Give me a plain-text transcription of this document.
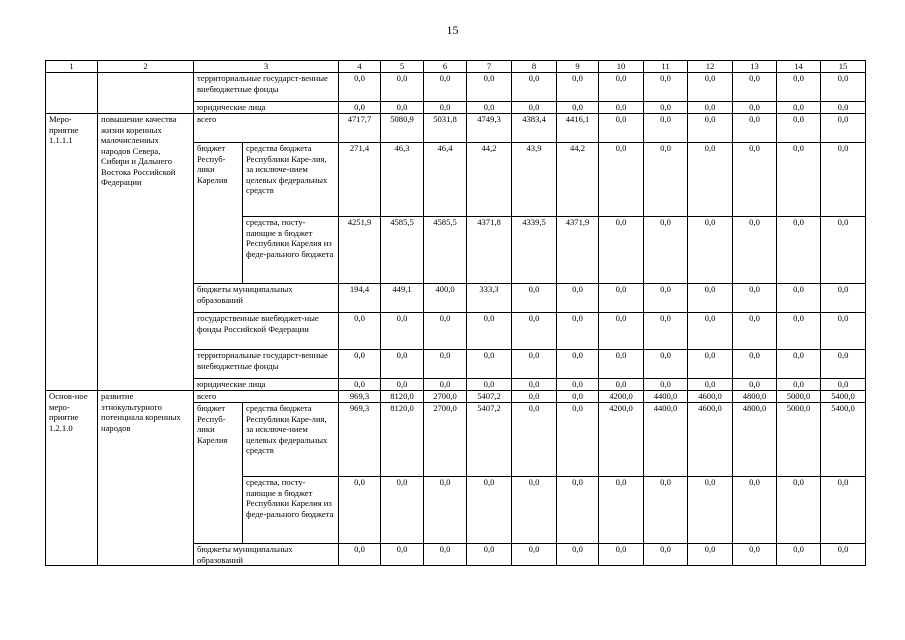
15
1	2	3		4	5	6	7	8	9	10	11	12	13	14	15
		территориальные государст-венные внебюджетные фонды		0,0	0,0	0,0	0,0	0,0	0,0	0,0	0,0	0,0	0,0	0,0	0,0
		юридические лица		0,0	0,0	0,0	0,0	0,0	0,0	0,0	0,0	0,0	0,0	0,0	0,0
Меро-приятие 1.1.1.1	повышение качества жизни коренных малочисленных народов Севера, Сибири и Дальнего Востока Российской Федерации	всего		4717,7	5080,9	5031,8	4749,3	4383,4	4416,1	0,0	0,0	0,0	0,0	0,0	0,0
		бюджет Респуб-лики Карелия	средства бюджета Республики Каре-лия, за исключе-нием целевых федеральных средств	271,4	46,3	46,4	44,2	43,9	44,2	0,0	0,0	0,0	0,0	0,0	0,0
			средства, посту-пающие в бюджет Республики Карелия из феде-рального бюджета	4251,9	4585,5	4585,5	4371,8	4339,5	4371,9	0,0	0,0	0,0	0,0	0,0	0,0
		бюджеты муниципальных образований		194,4	449,1	400,0	333,3	0,0	0,0	0,0	0,0	0,0	0,0	0,0	0,0
		государственные внебюджет-ные фонды Российской Федерации		0,0	0,0	0,0	0,0	0,0	0,0	0,0	0,0	0,0	0,0	0,0	0,0
		территориальные государст-венные внебюджетные фонды		0,0	0,0	0,0	0,0	0,0	0,0	0,0	0,0	0,0	0,0	0,0	0,0
		юридические лица		0,0	0,0	0,0	0,0	0,0	0,0	0,0	0,0	0,0	0,0	0,0	0,0
Основ-ное меро-приятие 1.2.1.0	развитие этнокультурного потенциала коренных народов	всего		969,3	8120,0	2700,0	5407,2	0,0	0,0	4200,0	4400,0	4600,0	4800,0	5000,0	5400,0
		бюджет Респуб-лики Карелия	средства бюджета Республики Каре-лия, за исключе-нием целевых федеральных средств	969,3	8120,0	2700,0	5407,2	0,0	0,0	4200,0	4400,0	4600,0	4800,0	5000,0	5400,0
			средства, посту-пающие в бюджет Республики Карелия из феде-рального бюджета	0,0	0,0	0,0	0,0	0,0	0,0	0,0	0,0	0,0	0,0	0,0	0,0
		бюджеты муниципальных образований		0,0	0,0	0,0	0,0	0,0	0,0	0,0	0,0	0,0	0,0	0,0	0,0
